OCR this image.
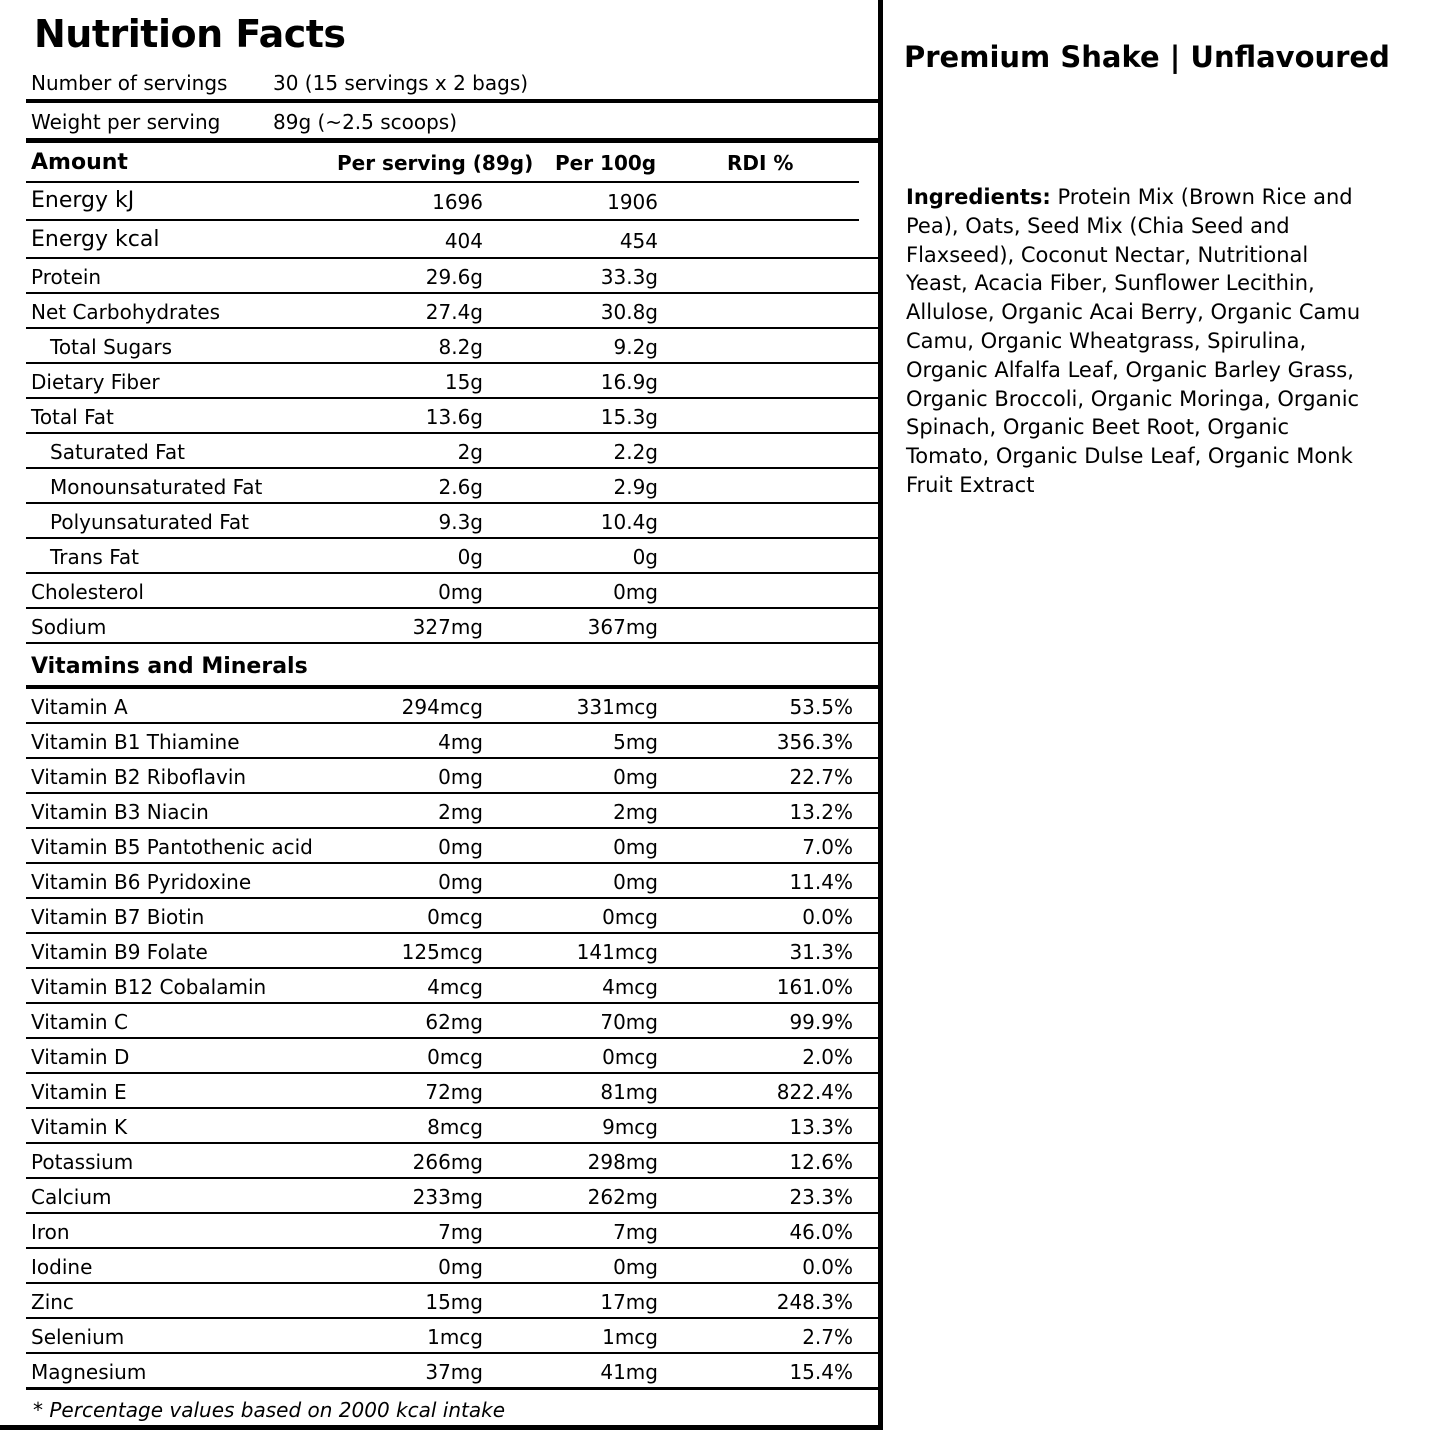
Nutrition Facts
Number of servings 30 (15 servings x 2 bags)
Weight per serving	89g (~2.5 scoops)
Amount	Per serving (89g) Per 100g	RDI %
Energy kJ	1696	1906
Energy kcal	404	454
Protein	29.6g	33.3g
Net Carbohydrates	27.4g	30.8g
Total Sugars	8.2g	9.2g
Dietary Fiber	15g	16.9g
Total Fat	13.6g	15.3g
Saturated Fat	2g	2.2g
Monounsaturated Fat	2.6g	2.9g
Polyunsaturated Fat	9.3g	10.4g
Trans Fat	0g	0g
Cholesterol	0mg	0mg
Sodium	327mg	367mg
Vitamins and Minerals
Vitamin A	294mcg	331mcg	53.5%
Vitamin B1 Thiamine	4mg	5mg	356.3%
Vitamin B2 Riboflavin	0mg	0mg	22.7%
Vitamin B3 Niacin	2mg	2mg	13.2%
Vitamin B5 Pantothenic acid	0mg	0mg	7.0%
Vitamin B6 Pyridoxine	0mg	0mg	11.4%
Vitamin B7 Biotin	0mcg	0mcg	0.0%
Vitamin B9 Folate	125mcg	141mcg	31.3%
Vitamin B12 Cobalamin	4mcg	4mcg	161.0%
Vitamin C	62mg	70mg	99.9%
Vitamin D	0mcg	0mcg	2.0%
Vitamin E	72mg	81mg	822.4%
Vitamin K	8mcg	9mcg	13.3%
Potassium	266mg	298mg	12.6%
Calcium	233mg	262mg	23.3%
Iron	7mg	7mg	46.0%
Iodine	0mg	0mg	0.0%
Zinc	15mg	17mg	248.3%
Selenium	1mcg	1mcg	2.7%
Magnesium	37mg	41mg	15.4%
* Percentage values based on 2000 kcal intake
Premium Shake | Unflavoured
Ingredients: Protein Mix (Brown Rice and Pea), Oats, Seed Mix (Chia Seed and Flaxseed), Coconut Nectar, Nutritional Yeast, Acacia Fiber, Sunflower Lecithin, Allulose, Organic Acai Berry, Organic Camu Camu, Organic Wheatgrass, Spirulina, Organic Alfalfa Leaf, Organic Barley Grass, Organic Broccoli, Organic Moringa, Organic Spinach, Organic Beet Root, Organic Tomato, Organic Dulse Leaf, Organic Monk Fruit Extract
